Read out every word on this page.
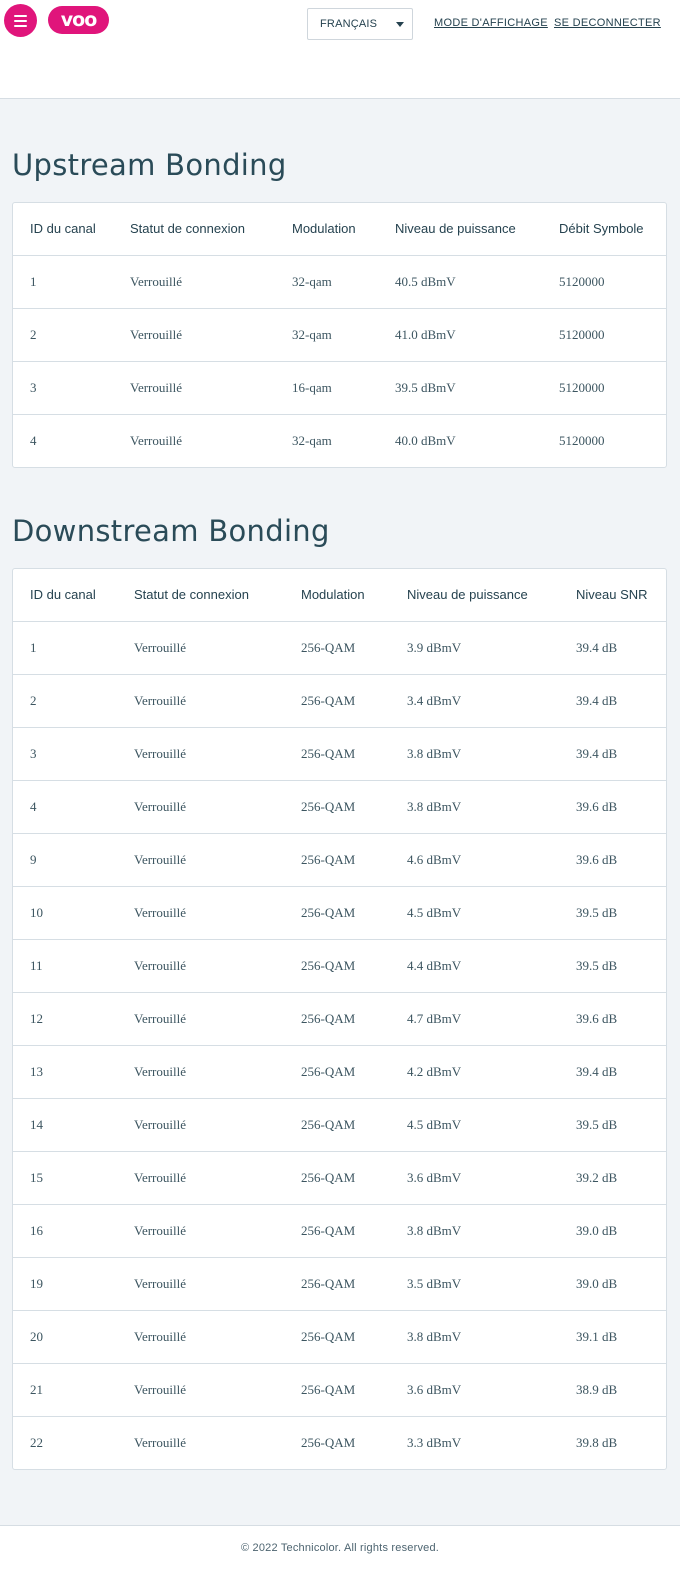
voo	FRANÇAIS	MODE D'AFFICHAGE SE DECONNECTER
Upstream Bonding
ID du canal	Statut de connexion	Modulation	Niveau de puissance	Débit Symbole
1	Verrouillé	32-qam	40.5 dBmV	5120000
2	Verrouillé	32-qam	41.0 dBmV	5120000
3	Verrouillé	16-qam	39.5 dBmV	5120000
4	Verrouillé	32-qam	40.0 dBmV	5120000
Downstream Bonding
ID du canal	Statut de connexion	Modulation	Niveau de puissance	Niveau SNR
1	Verrouillé	256-QAM	3.9 dBmV	39.4 dB
2	Verrouillé	256-QAM	3.4 dBmV	39.4 dB
3	Verrouillé	256-QAM	3.8 dBmV	39.4 dB
4	Verrouillé	256-QAM	3.8 dBmV	39.6 dB
9	Verrouillé	256-QAM	4.6 dBmV	39.6 dB
10	Verrouillé	256-QAM	4.5 dBmV	39.5 dB
11	Verrouillé	256-QAM	4.4 dBmV	39.5 dB
12	Verrouillé	256-QAM	4.7 dBmV	39.6 dB
13	Verrouillé	256-QAM	4.2 dBmV	39.4 dB
14	Verrouillé	256-QAM	4.5 dBmV	39.5 dB
15	Verrouillé	256-QAM	3.6 dBmV	39.2 dB
16	Verrouillé	256-QAM	3.8 dBmV	39.0 dB
19	Verrouillé	256-QAM	3.5 dBmV	39.0 dB
20	Verrouillé	256-QAM	3.8 dBmV	39.1 dB
21	Verrouillé	256-QAM	3.6 dBmV	38.9 dB
22	Verrouillé	256-QAM	3.3 dBmV	39.8 dB
© 2022 Technicolor. All rights reserved.
